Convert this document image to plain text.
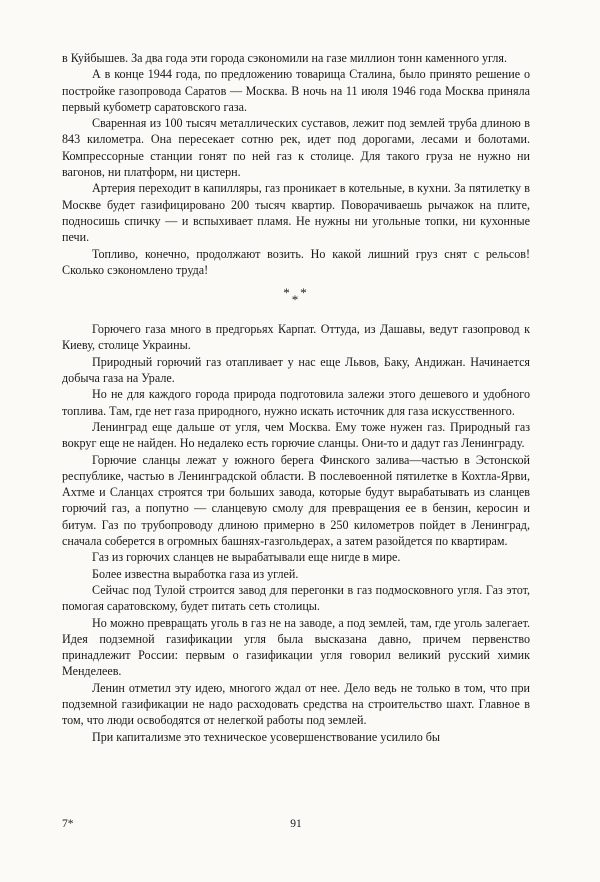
в Куйбышев. За два года эти города сэкономили на газе миллион тонн каменного угля.

А в конце 1944 года, по предложению товарища Сталина, было принято решение о постройке газопровода Саратов — Москва. В ночь на 11 июля 1946 года Москва приняла первый кубометр саратовского газа.

Сваренная из 100 тысяч металлических суставов, лежит под землей труба длиною в 843 километра. Она пересекает сотню рек, идет под дорогами, лесами и болотами. Компрессорные станции гонят по ней газ к столице. Для такого груза не нужно ни вагонов, ни платформ, ни цистерн.

Артерия переходит в капилляры, газ проникает в котельные, в кухни. За пятилетку в Москве будет газифицировано 200 тысяч квартир. Поворачиваешь рычажок на плите, подносишь спичку — и вспыхивает пламя. Не нужны ни угольные топки, ни кухонные печи.

Топливо, конечно, продолжают возить. Но какой лишний груз снят с рельсов! Сколько сэкономлено труда!

***

Горючего газа много в предгорьях Карпат. Оттуда, из Дашавы, ведут газопровод к Киеву, столице Украины.

Природный горючий газ отапливает у нас еще Львов, Баку, Андижан. Начинается добыча газа на Урале.

Но не для каждого города природа подготовила залежи этого дешевого и удобного топлива. Там, где нет газа природного, нужно искать источник для газа искусственного.

Ленинград еще дальше от угля, чем Москва. Ему тоже нужен газ. Природный газ вокруг еще не найден. Но недалеко есть горючие сланцы. Они-то и дадут газ Ленинграду.

Горючие сланцы лежат у южного берега Финского залива—частью в Эстонской республике, частью в Ленинградской области. В послевоенной пятилетке в Кохтла-Ярви, Ахтме и Сланцах строятся три больших завода, которые будут вырабатывать из сланцев горючий газ, а попутно — сланцевую смолу для превращения ее в бензин, керосин и битум. Газ по трубопроводу длиною примерно в 250 километров пойдет в Ленинград, сначала соберется в огромных башнях-газгольдерах, а затем разойдется по квартирам.

Газ из горючих сланцев не вырабатывали еще нигде в мире.

Более известна выработка газа из углей.

Сейчас под Тулой строится завод для перегонки в газ подмосковного угля. Газ этот, помогая саратовскому, будет питать сеть столицы.

Но можно превращать уголь в газ не на заводе, а под землей, там, где уголь залегает. Идея подземной газификации угля была высказана давно, причем первенство принадлежит России: первым о газификации угля говорил великий русский химик Менделеев.

Ленин отметил эту идею, многого ждал от нее. Дело ведь не только в том, что при подземной газификации не надо расходовать средства на строительство шахт. Главное в том, что люди освободятся от нелегкой работы под землей.

При капитализме это техническое усовершенствование усилило бы

7*	91
